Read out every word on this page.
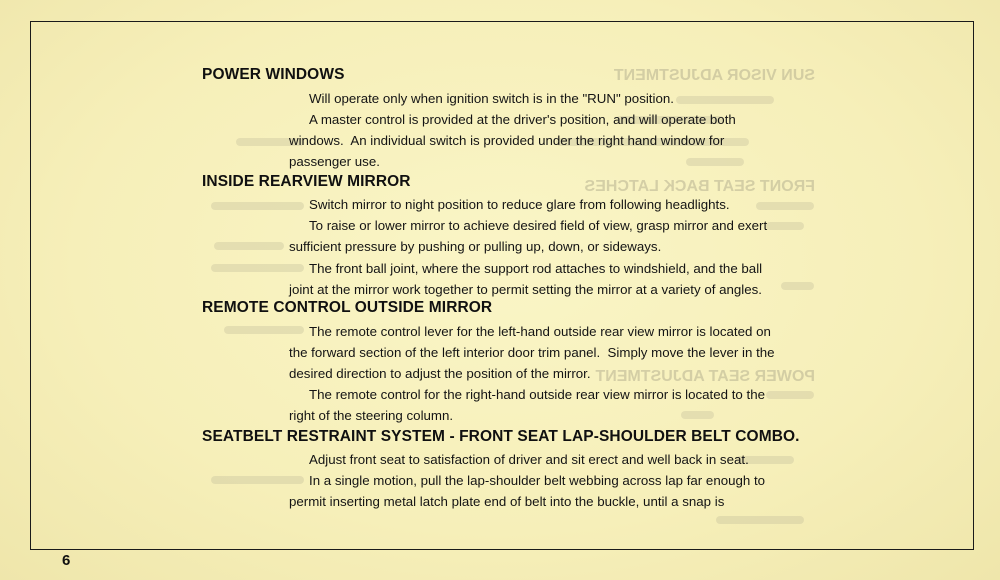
SUN VISOR ADJUSTMENT
FRONT SEAT BACK LATCHES
POWER SEAT ADJUSTMENT
POWER WINDOWS
Will operate only when ignition switch is in the "RUN" position.
A master control is provided at the driver's position, and will operate both
windows.  An individual switch is provided under the right hand window for
passenger use.
INSIDE REARVIEW MIRROR
Switch mirror to night position to reduce glare from following headlights.
To raise or lower mirror to achieve desired field of view, grasp mirror and exert
sufficient pressure by pushing or pulling up, down, or sideways.
The front ball joint, where the support rod attaches to windshield, and the ball
joint at the mirror work together to permit setting the mirror at a variety of angles.
REMOTE CONTROL OUTSIDE MIRROR
The remote control lever for the left-hand outside rear view mirror is located on
the forward section of the left interior door trim panel.  Simply move the lever in the
desired direction to adjust the position of the mirror.
The remote control for the right-hand outside rear view mirror is located to the
right of the steering column.
SEATBELT RESTRAINT SYSTEM - FRONT SEAT LAP-SHOULDER BELT COMBO.
Adjust front seat to satisfaction of driver and sit erect and well back in seat.
In a single motion, pull the lap-shoulder belt webbing across lap far enough to
permit inserting metal latch plate end of belt into the buckle, until a snap is
6
